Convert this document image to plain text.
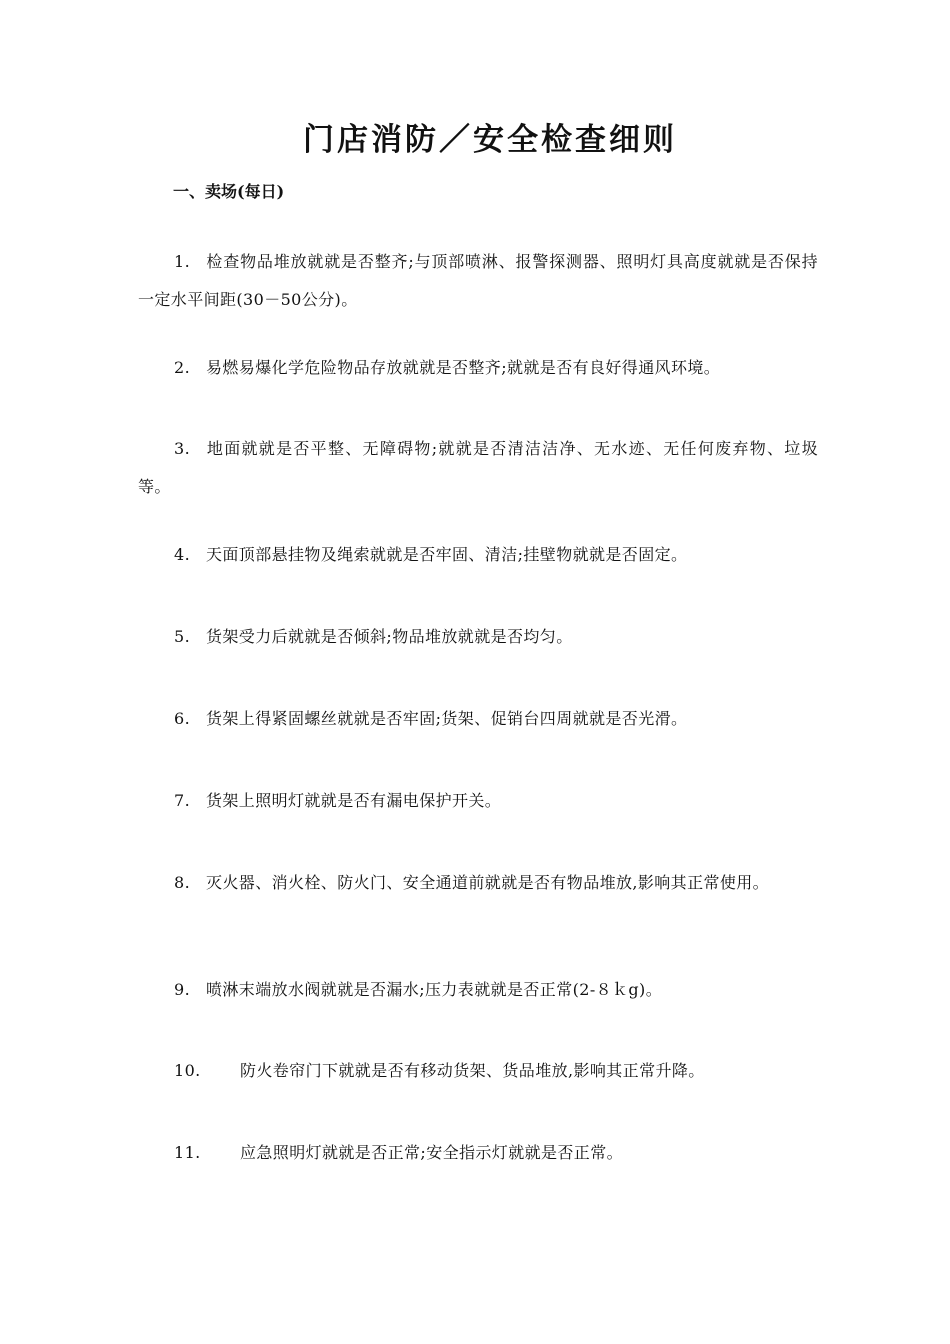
门店消防／安全检查细则
一、卖场(每日)

1. 检查物品堆放就就是否整齐;与顶部喷淋、报警探测器、照明灯具高度就就是否保持一定水平间距(30－50公分)。

2. 易燃易爆化学危险物品存放就就是否整齐;就就是否有良好得通风环境。

3. 地面就就是否平整、无障碍物;就就是否清洁洁净、无水迹、无任何废弃物、垃圾等。

4. 天面顶部悬挂物及绳索就就是否牢固、清洁;挂壁物就就是否固定。

5. 货架受力后就就是否倾斜;物品堆放就就是否均匀。

6. 货架上得紧固螺丝就就是否牢固;货架、促销台四周就就是否光滑。

7. 货架上照明灯就就是否有漏电保护开关。

8. 灭火器、消火栓、防火门、安全通道前就就是否有物品堆放,影响其正常使用。

9. 喷淋末端放水阀就就是否漏水;压力表就就是否正常(2-８ｋg)。

10. 防火卷帘门下就就是否有移动货架、货品堆放,影响其正常升降。

11. 应急照明灯就就是否正常;安全指示灯就就是否正常。
